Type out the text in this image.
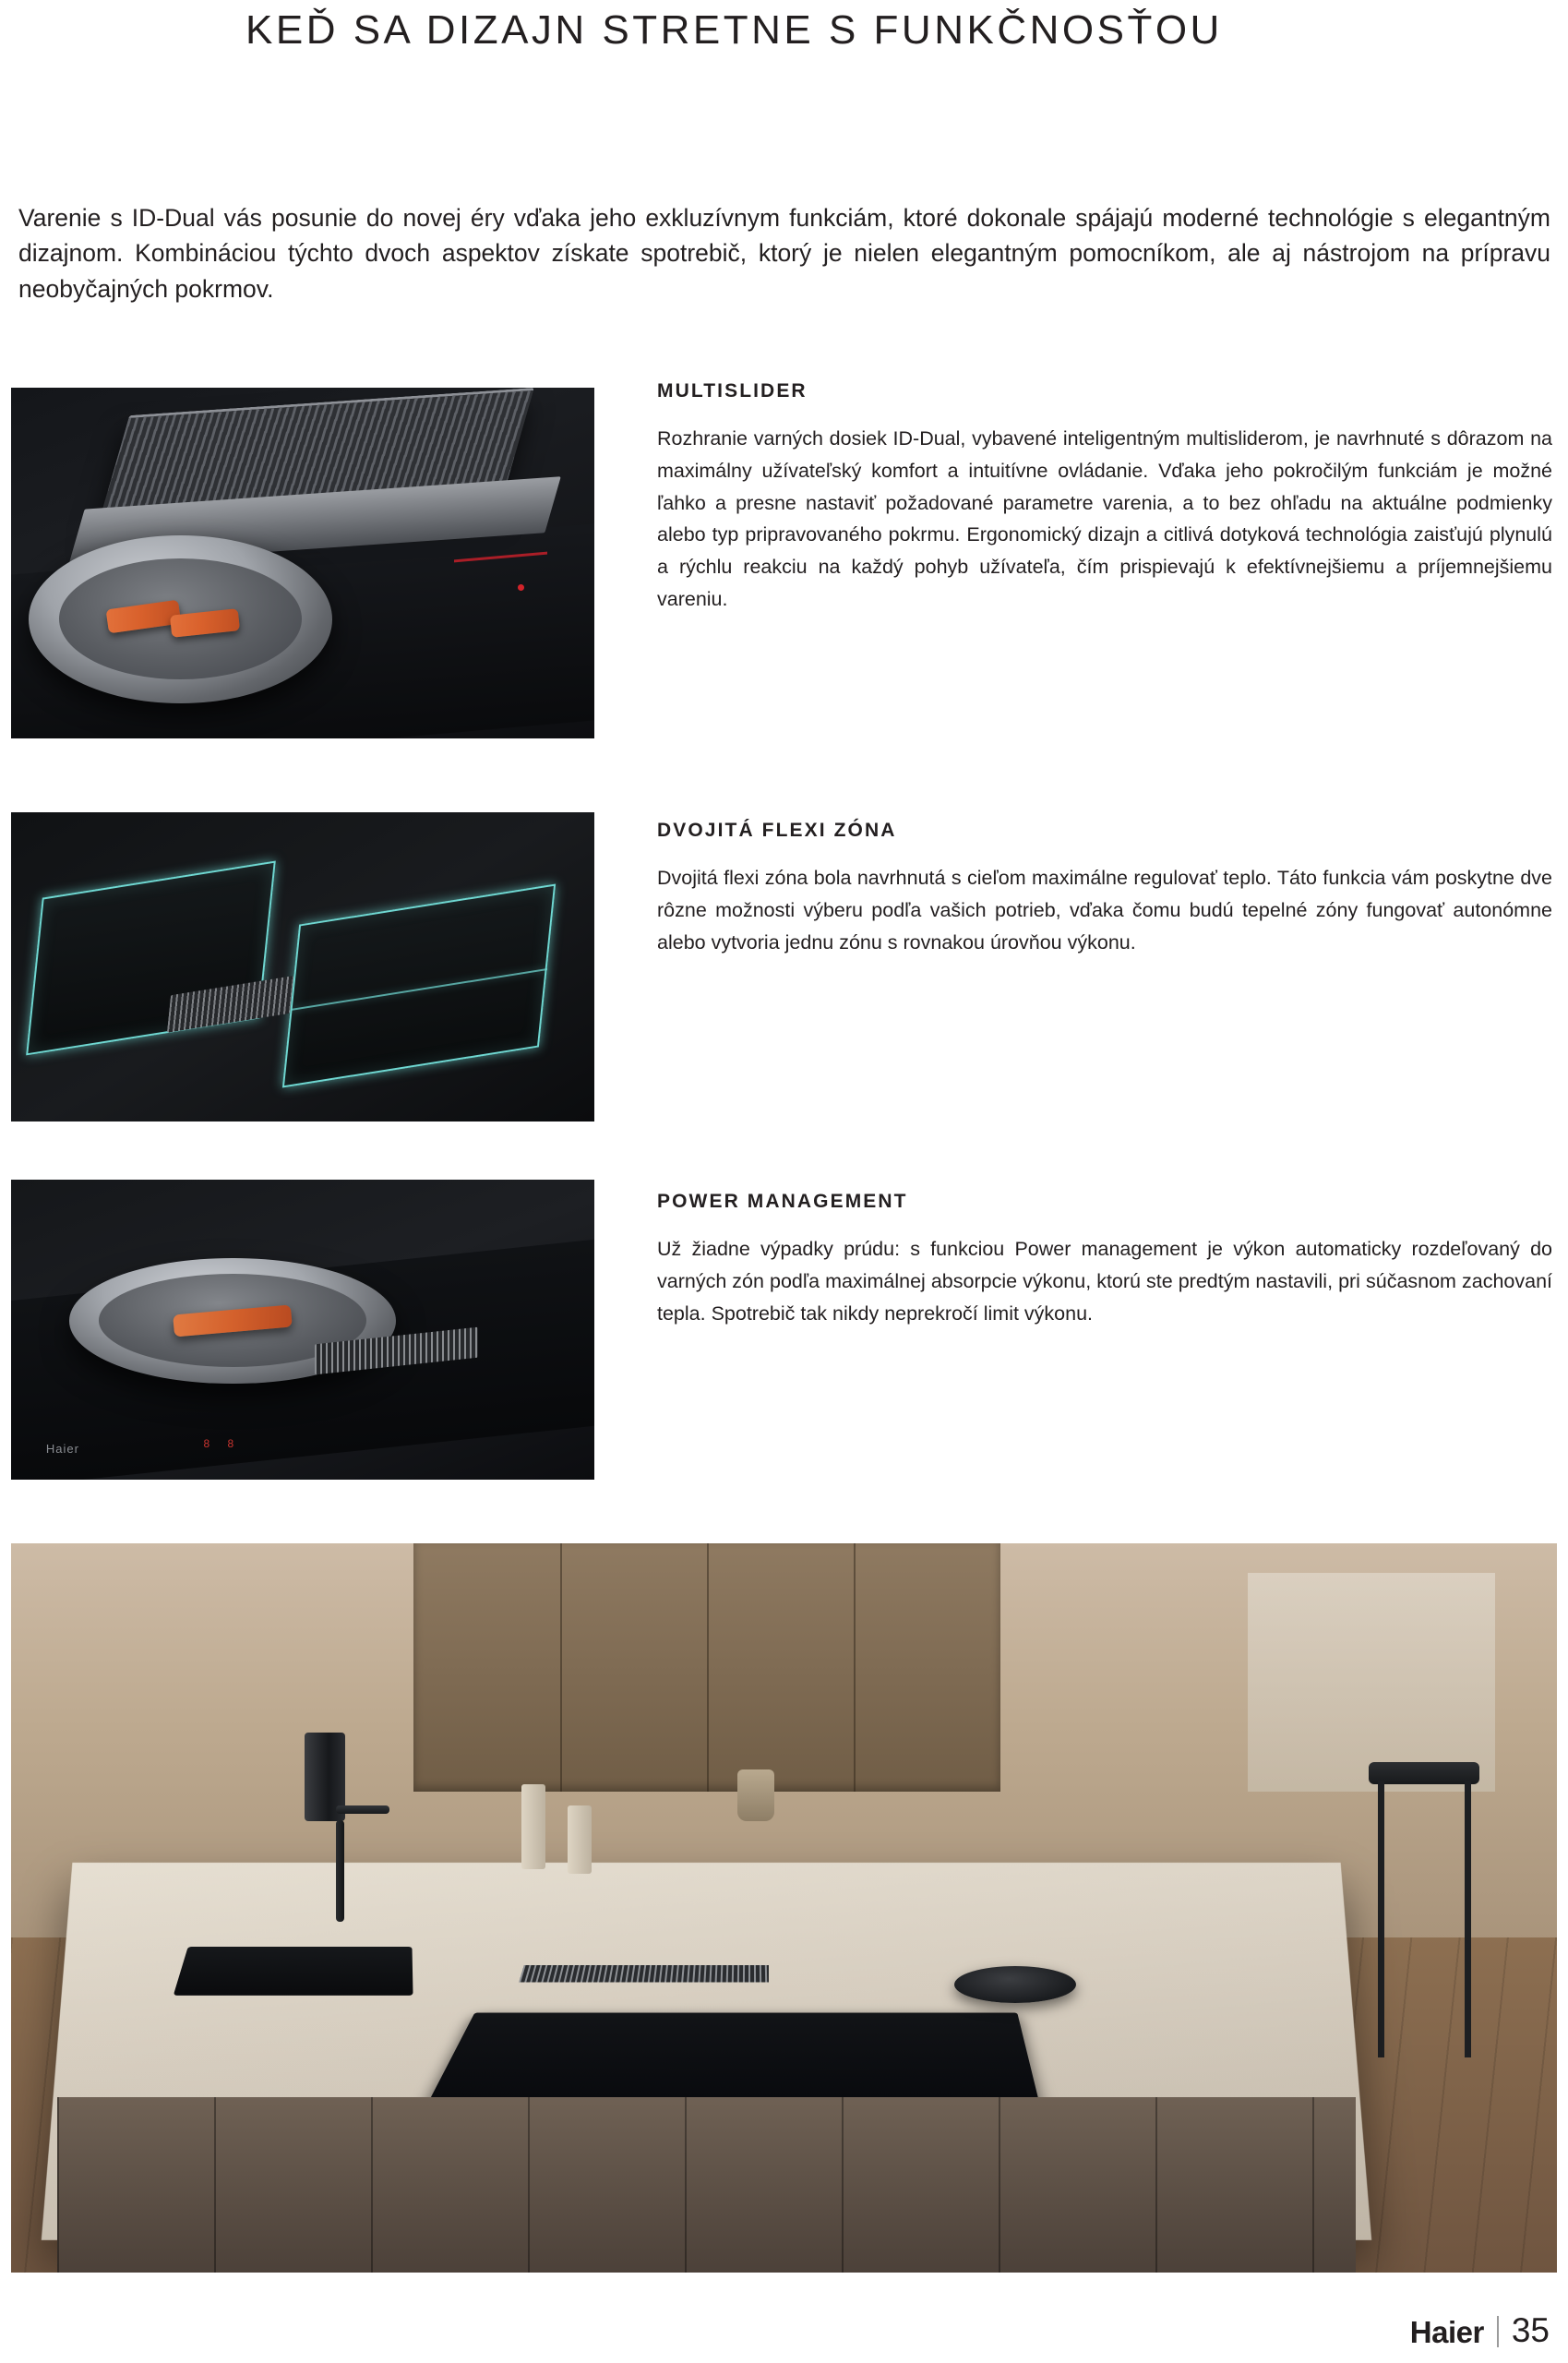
KEĎ SA DIZAJN STRETNE S FUNKČNOSŤOU

Varenie s ID-Dual vás posunie do novej éry vďaka jeho exkluzívnym funkciám, ktoré dokonale spájajú moderné technológie s elegantným dizajnom. Kombináciou týchto dvoch aspektov získate spotrebič, ktorý je nielen elegantným pomocníkom, ale aj nástrojom na prípravu neobyčajných pokrmov.

MULTISLIDER

Rozhranie varných dosiek ID-Dual, vybavené inteligentným multisliderom, je navrhnuté s dôrazom na maximálny užívateľský komfort a intuitívne ovládanie. Vďaka jeho pokročilým funkciám je možné ľahko a presne nastaviť požadované parametre varenia, a to bez ohľadu na aktuálne podmienky alebo typ pripravovaného pokrmu. Ergonomický dizajn a citlivá dotyková technológia zaisťujú plynulú a rýchlu reakciu na každý pohyb užívateľa, čím prispievajú k efektívnejšiemu a príjemnejšiemu vareniu.

DVOJITÁ FLEXI ZÓNA

Dvojitá flexi zóna bola navrhnutá s cieľom maximálne regulovať teplo. Táto funkcia vám poskytne dve rôzne možnosti výberu podľa vašich potrieb, vďaka čomu budú tepelné zóny fungovať autonómne alebo vytvoria jednu zónu s rovnakou úrovňou výkonu.

Haier	8 8
POWER MANAGEMENT

Už žiadne výpadky prúdu: s funkciou Power management je výkon automaticky rozdeľovaný do varných zón podľa maximálnej absorpcie výkonu, ktorú ste predtým nastavili, pri súčasnom zachovaní tepla. Spotrebič tak nikdy neprekročí limit výkonu.

Haier 35
